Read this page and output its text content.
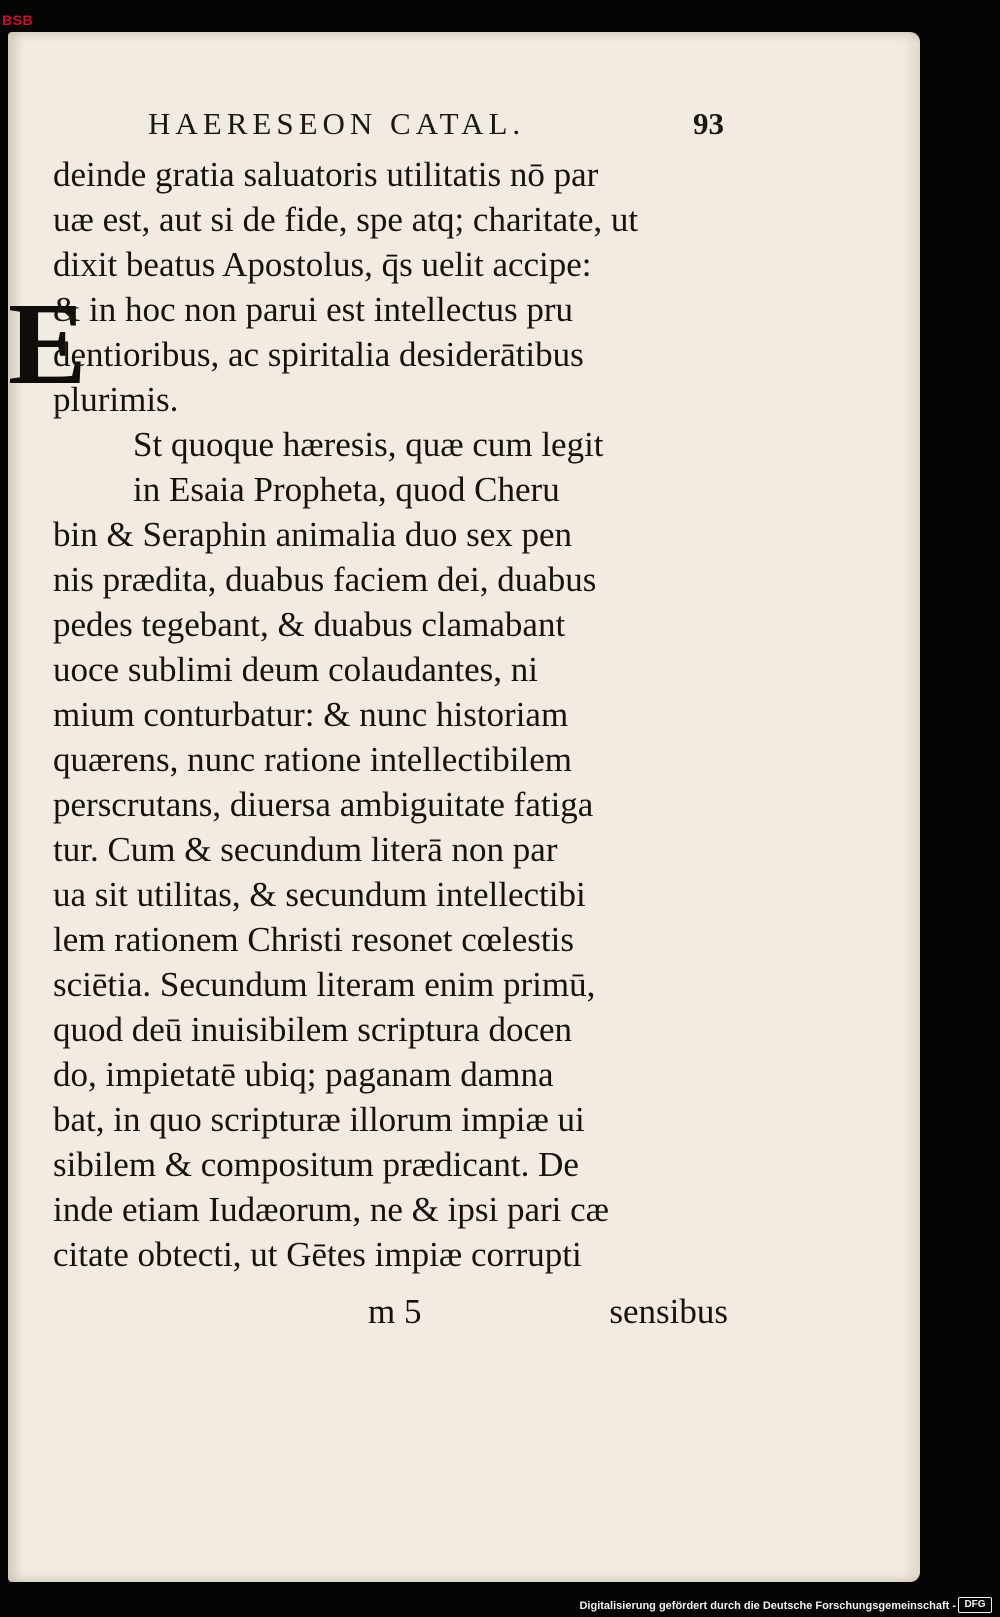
BSB
HAERESEON CATAL.	93
E
deinde gratia saluatoris utilitatis nō par
uæ est, aut si de fide, spe atq; charitate, ut
dixit beatus Apostolus, q̄s uelit accipe:
& in hoc non parui est intellectus pru
dentioribus, ac spiritalia desiderātibus
plurimis.
St quoque hæresis, quæ cum legit
in Esaia Propheta, quod Cheru
bin & Seraphin animalia duo sex pen
nis prædita, duabus faciem dei, duabus
pedes tegebant, & duabus clamabant
uoce sublimi deum colaudantes, ni
mium conturbatur: & nunc historiam
quærens, nunc ratione intellectibilem
perscrutans, diuersa ambiguitate fatiga
tur. Cum & secundum literā non par
ua sit utilitas, & secundum intellectibi
lem rationem Christi resonet cœlestis
sciētia. Secundum literam enim primū,
quod deū inuisibilem scriptura docen
do, impietatē ubiq; paganam damna
bat, in quo scripturæ illorum impiæ ui
sibilem & compositum prædicant. De
inde etiam Iudæorum, ne & ipsi pari cæ
citate obtecti, ut Gētes impiæ corrupti
m 5	sensibus
Digitalisierung gefördert durch die Deutsche Forschungsgemeinschaft - DFG
